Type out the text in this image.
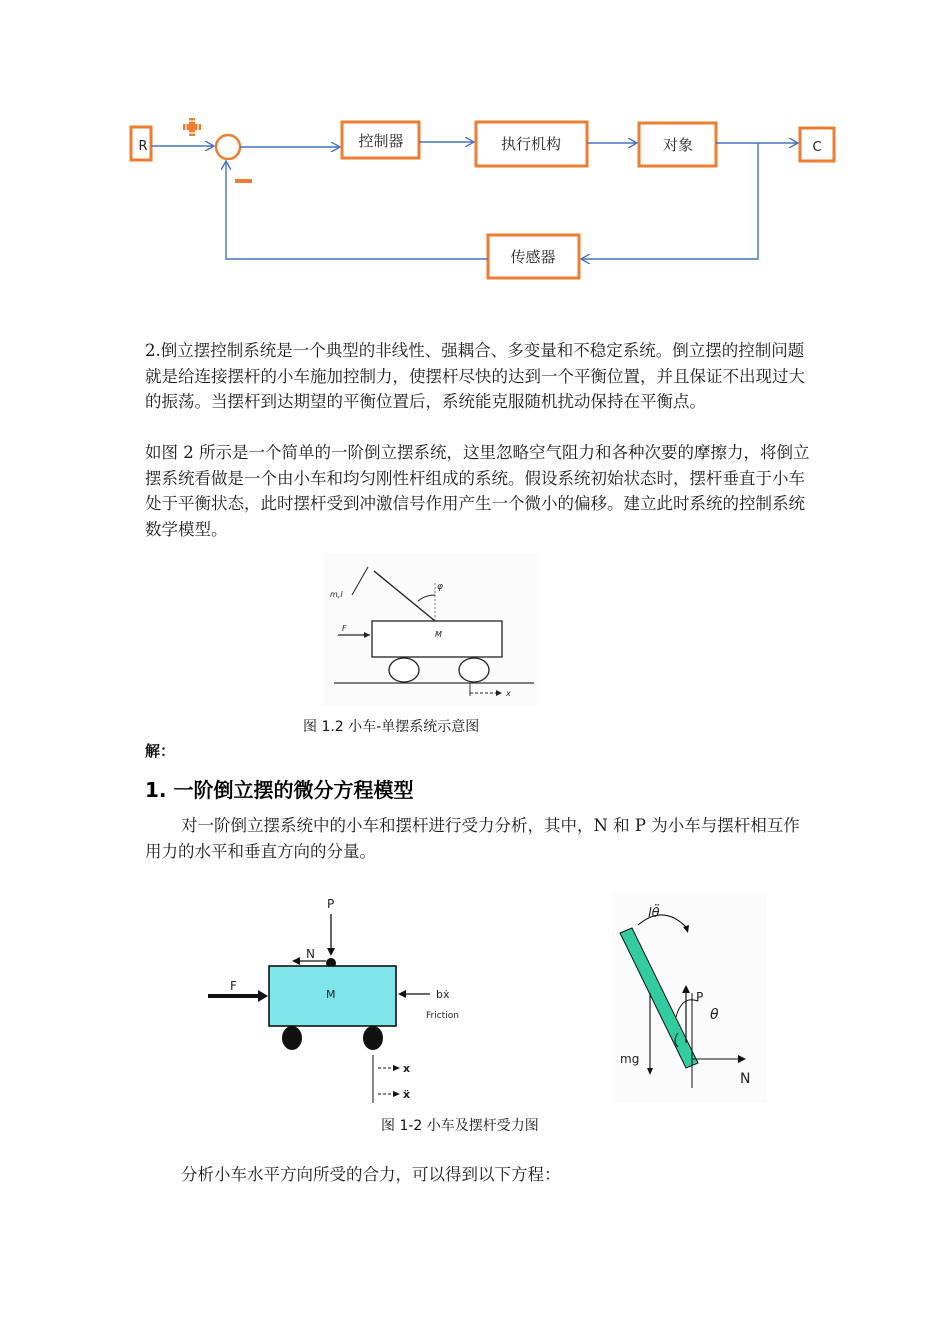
R	控制器	执行机构	对象	C
传感器

2.倒立摆控制系统是一个典型的非线性、强耦合、多变量和不稳定系统。倒立摆的控制问题就是给连接摆杆的小车施加控制力，使摆杆尽快的达到一个平衡位置，并且保证不出现过大的振荡。当摆杆到达期望的平衡位置后，系统能克服随机扰动保持在平衡点。

如图 2 所示是一个简单的一阶倒立摆系统，这里忽略空气阻力和各种次要的摩擦力，将倒立摆系统看做是一个由小车和均匀刚性杆组成的系统。假设系统初始状态时，摆杆垂直于小车处于平衡状态，此时摆杆受到冲激信号作用产生一个微小的偏移。建立此时系统的控制系统数学模型。

M
φ
m,l
F
x
图 1.2 小车-单摆系统示意图
解：
1. 一阶倒立摆的微分方程模型

对一阶倒立摆系统中的小车和摆杆进行受力分析，其中，N 和 P 为小车与摆杆相互作用力的水平和垂直方向的分量。

P
N
M
F
bẋ
Friction
x
ẍ
lθ̈
P
θ
mg
N
图 1-2 小车及摆杆受力图

分析小车水平方向所受的合力，可以得到以下方程：
